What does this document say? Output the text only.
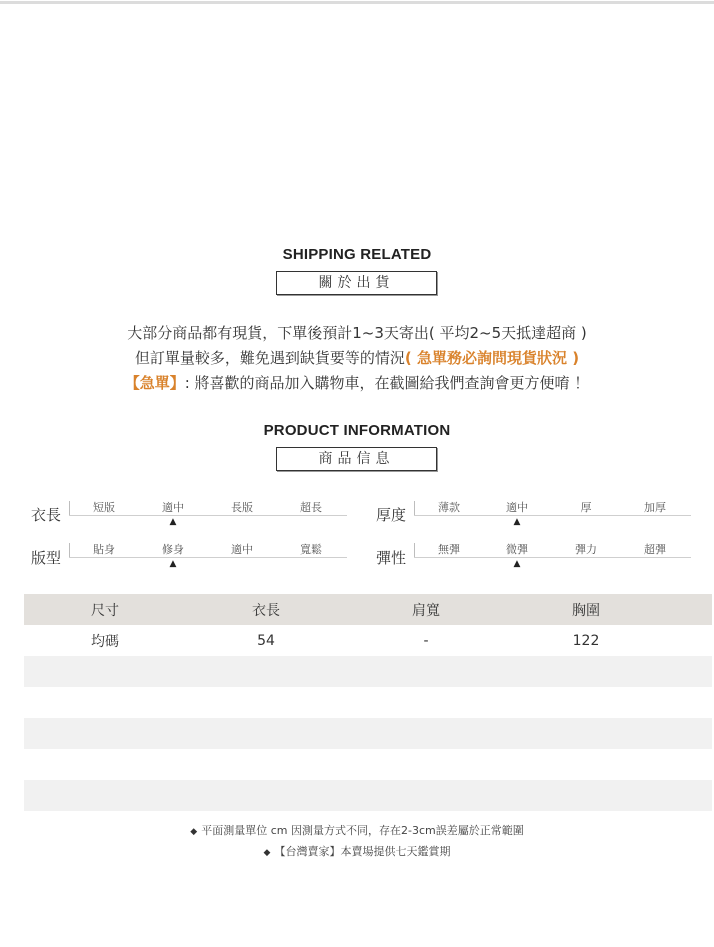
SHIPPING RELATED
關於出貨
大部分商品都有現貨，下單後預計1~3天寄出( 平均2~5天抵達超商 )
但訂單量較多，難免遇到缺貨要等的情況( 急單務必詢問現貨狀況 )
【急單】: 將喜歡的商品加入購物車，在截圖給我們查詢會更方便唷 ！
PRODUCT INFORMATION
商品信息
衣長	短版	適中	長版	超長
▲	厚度	薄款	適中	厚	加厚
▲
版型	貼身	修身	適中	寬鬆
▲	彈性	無彈	微彈	彈力	超彈
▲
尺寸	衣長	肩寬	胸圍
均碼	54	-	122
◆ 平面測量單位 cm 因測量方式不同，存在2-3cm誤差屬於正常範圍
◆ 【台灣賣家】本賣場提供七天鑑賞期
